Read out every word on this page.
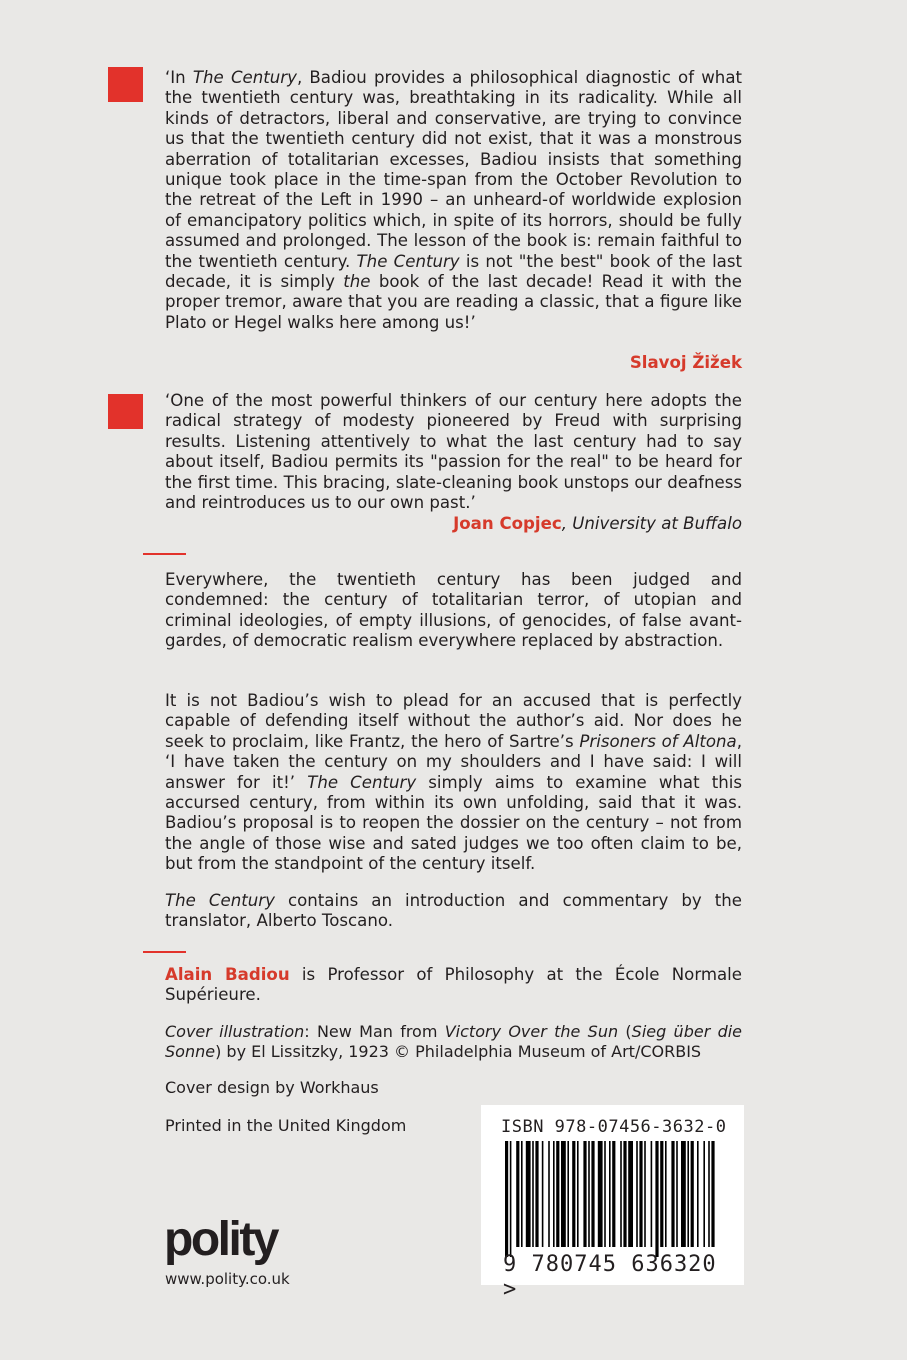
‘In The Century, Badiou provides a philosophical diagnostic of what the twentieth century was, breathtaking in its radicality. While all kinds of detractors, liberal and conservative, are trying to convince us that the twentieth century did not exist, that it was a monstrous aberration of totalitarian excesses, Badiou insists that something unique took place in the time-span from the October Revolution to the retreat of the Left in 1990 – an unheard-of worldwide explosion of emancipatory politics which, in spite of its horrors, should be fully assumed and prolonged. The lesson of the book is: remain faithful to the twentieth century. The Century is not "the best" book of the last decade, it is simply the book of the last decade! Read it with the proper tremor, aware that you are reading a classic, that a figure like Plato or Hegel walks here among us!’

Slavoj Žižek

‘One of the most powerful thinkers of our century here adopts the radical strategy of modesty pioneered by Freud with surprising results. Listening attentively to what the last century had to say about itself, Badiou permits its "passion for the real" to be heard for the first time. This bracing, slate-cleaning book unstops our deafness and reintroduces us to our own past.’

Joan Copjec, University at Buffalo

Everywhere, the twentieth century has been judged and condemned: the century of totalitarian terror, of utopian and criminal ideologies, of empty illusions, of genocides, of false avant-gardes, of democratic realism everywhere replaced by abstraction.

It is not Badiou’s wish to plead for an accused that is perfectly capable of defending itself without the author’s aid. Nor does he seek to proclaim, like Frantz, the hero of Sartre’s Prisoners of Altona, ‘I have taken the century on my shoulders and I have said: I will answer for it!’ The Century simply aims to examine what this accursed century, from within its own unfolding, said that it was. Badiou’s proposal is to reopen the dossier on the century – not from the angle of those wise and sated judges we too often claim to be, but from the standpoint of the century itself.

The Century contains an introduction and commentary by the translator, Alberto Toscano.

Alain Badiou is Professor of Philosophy at the École Normale Supérieure.

Cover illustration: New Man from Victory Over the Sun (Sieg über die Sonne) by El Lissitzky, 1923 © Philadelphia Museum of Art/CORBIS

Cover design by Workhaus

Printed in the United Kingdom

polity
www.polity.co.uk
ISBN 978-07456-3632-0
9 780745 636320 >
